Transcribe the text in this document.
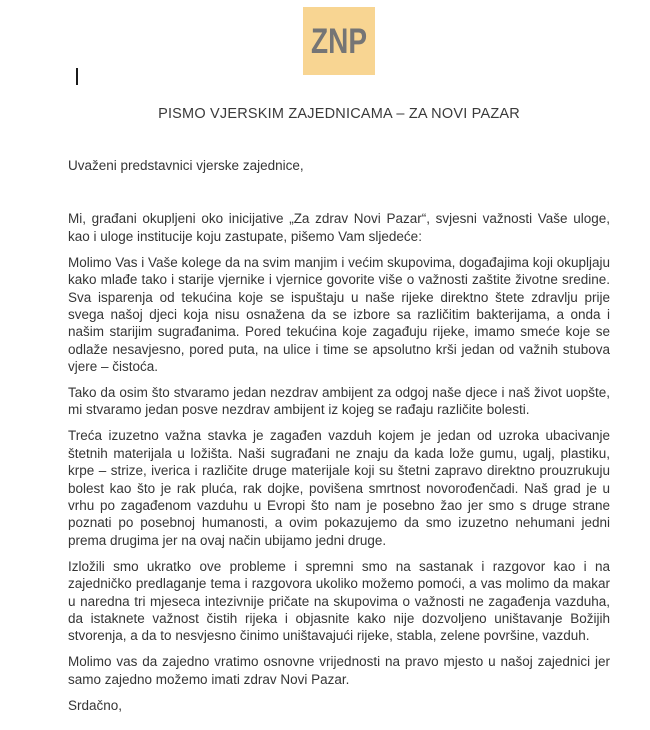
ZNP
PISMO VJERSKIM ZAJEDNICAMA – ZA NOVI PAZAR

Uvaženi predstavnici vjerske zajednice,

Mi, građani okupljeni oko inicijative „Za zdrav Novi Pazar“, svjesni važnosti Vaše uloge, kao i uloge institucije koju zastupate, pišemo Vam sljedeće:

Molimo Vas i Vaše kolege da na svim manjim i većim skupovima, događajima koji okupljaju kako mlađe tako i starije vjernike i vjernice govorite više o važnosti zaštite životne sredine. Sva isparenja od tekućina koje se ispuštaju u naše rijeke direktno štete zdravlju prije svega našoj djeci koja nisu osnažena da se izbore sa različitim bakterijama, a onda i našim starijim sugrađanima. Pored tekućina koje zagađuju rijeke, imamo smeće koje se odlaže nesavjesno, pored puta, na ulice i time se apsolutno krši jedan od važnih stubova vjere – čistoća.

Tako da osim što stvaramo jedan nezdrav ambijent za odgoj naše djece i naš život uopšte, mi stvaramo jedan posve nezdrav ambijent iz kojeg se rađaju različite bolesti.

Treća izuzetno važna stavka je zagađen vazduh kojem je jedan od uzroka ubacivanje štetnih materijala u ložišta. Naši sugrađani ne znaju da kada lože gumu, ugalj, plastiku, krpe – strize, iverica i različite druge materijale koji su štetni zapravo direktno prouzrukuju bolest kao što je rak pluća, rak dojke, povišena smrtnost novorođenčadi. Naš grad je u vrhu po zagađenom vazduhu u Evropi što nam je posebno žao jer smo s druge strane poznati po posebnoj humanosti, a ovim pokazujemo da smo izuzetno nehumani jedni prema drugima jer na ovaj način ubijamo jedni druge.

Izložili smo ukratko ove probleme i spremni smo na sastanak i razgovor kao i na zajedničko predlaganje tema i razgovora ukoliko možemo pomoći, a vas molimo da makar u naredna tri mjeseca intezivnije pričate na skupovima o važnosti ne zagađenja vazduha, da istaknete važnost čistih rijeka i objasnite kako nije dozvoljeno uništavanje Božijih stvorenja, a da to nesvjesno činimo uništavajući rijeke, stabla, zelene površine, vazduh.

Molimo vas da zajedno vratimo osnovne vrijednosti na pravo mjesto u našoj zajednici jer samo zajedno možemo imati zdrav Novi Pazar.

Srdačno,
